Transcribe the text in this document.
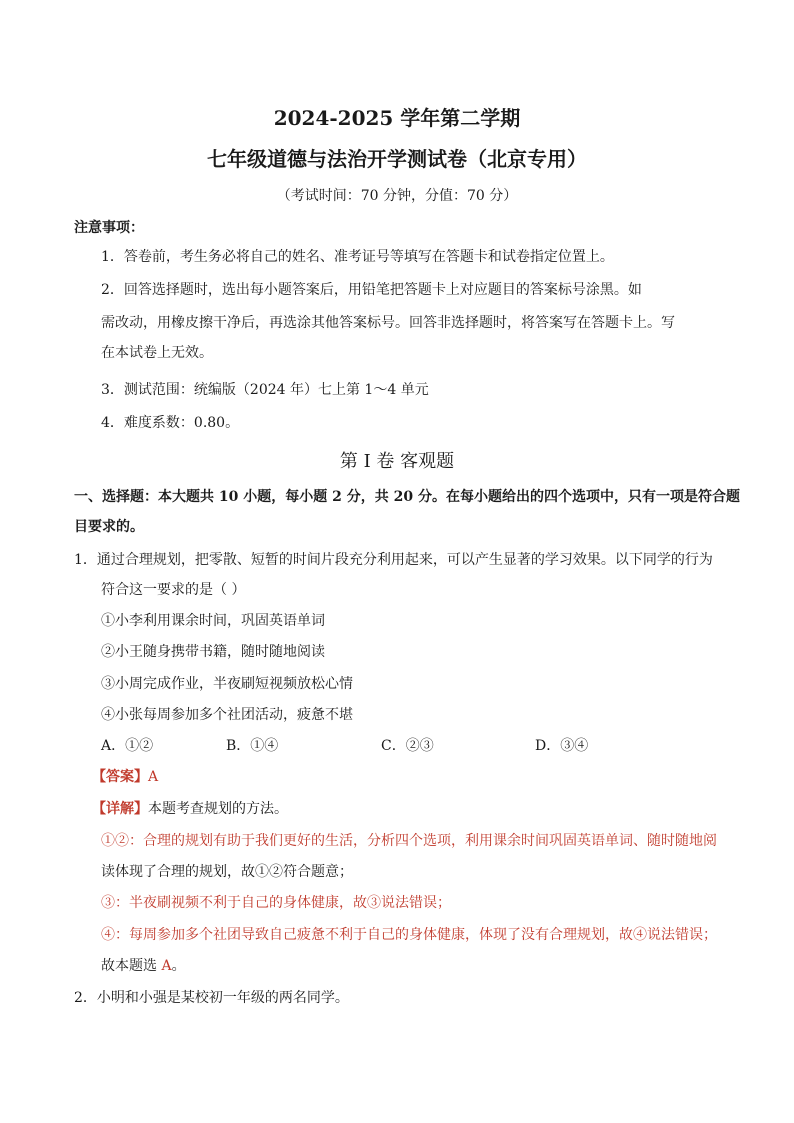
2024-2025 学年第二学期
七年级道德与法治开学测试卷（北京专用）
（考试时间：70 分钟，分值：70 分）
注意事项：
1．答卷前，考生务必将自己的姓名、准考证号等填写在答题卡和试卷指定位置上。
2．回答选择题时，选出每小题答案后，用铅笔把答题卡上对应题目的答案标号涂黑。如
需改动，用橡皮擦干净后，再选涂其他答案标号。回答非选择题时，将答案写在答题卡上。写
在本试卷上无效。
3．测试范围：统编版（2024 年）七上第 1～4 单元
4．难度系数：0.80。
第 I 卷 客观题
一、选择题：本大题共 10 小题，每小题 2 分，共 20 分。在每小题给出的四个选项中，只有一项是符合题
目要求的。
1．通过合理规划，把零散、短暂的时间片段充分利用起来，可以产生显著的学习效果。以下同学的行为
符合这一要求的是（ ）
①小李利用课余时间，巩固英语单词
②小王随身携带书籍，随时随地阅读
③小周完成作业，半夜刷短视频放松心情
④小张每周参加多个社团活动，疲惫不堪
A．①②	B．①④	C．②③	D．③④
【答案】A
【详解】本题考查规划的方法。
①②：合理的规划有助于我们更好的生活，分析四个选项，利用课余时间巩固英语单词、随时随地阅
读体现了合理的规划，故①②符合题意；
③：半夜刷视频不利于自己的身体健康，故③说法错误；
④：每周参加多个社团导致自己疲惫不利于自己的身体健康，体现了没有合理规划，故④说法错误；
故本题选 A。
2．小明和小强是某校初一年级的两名同学。
